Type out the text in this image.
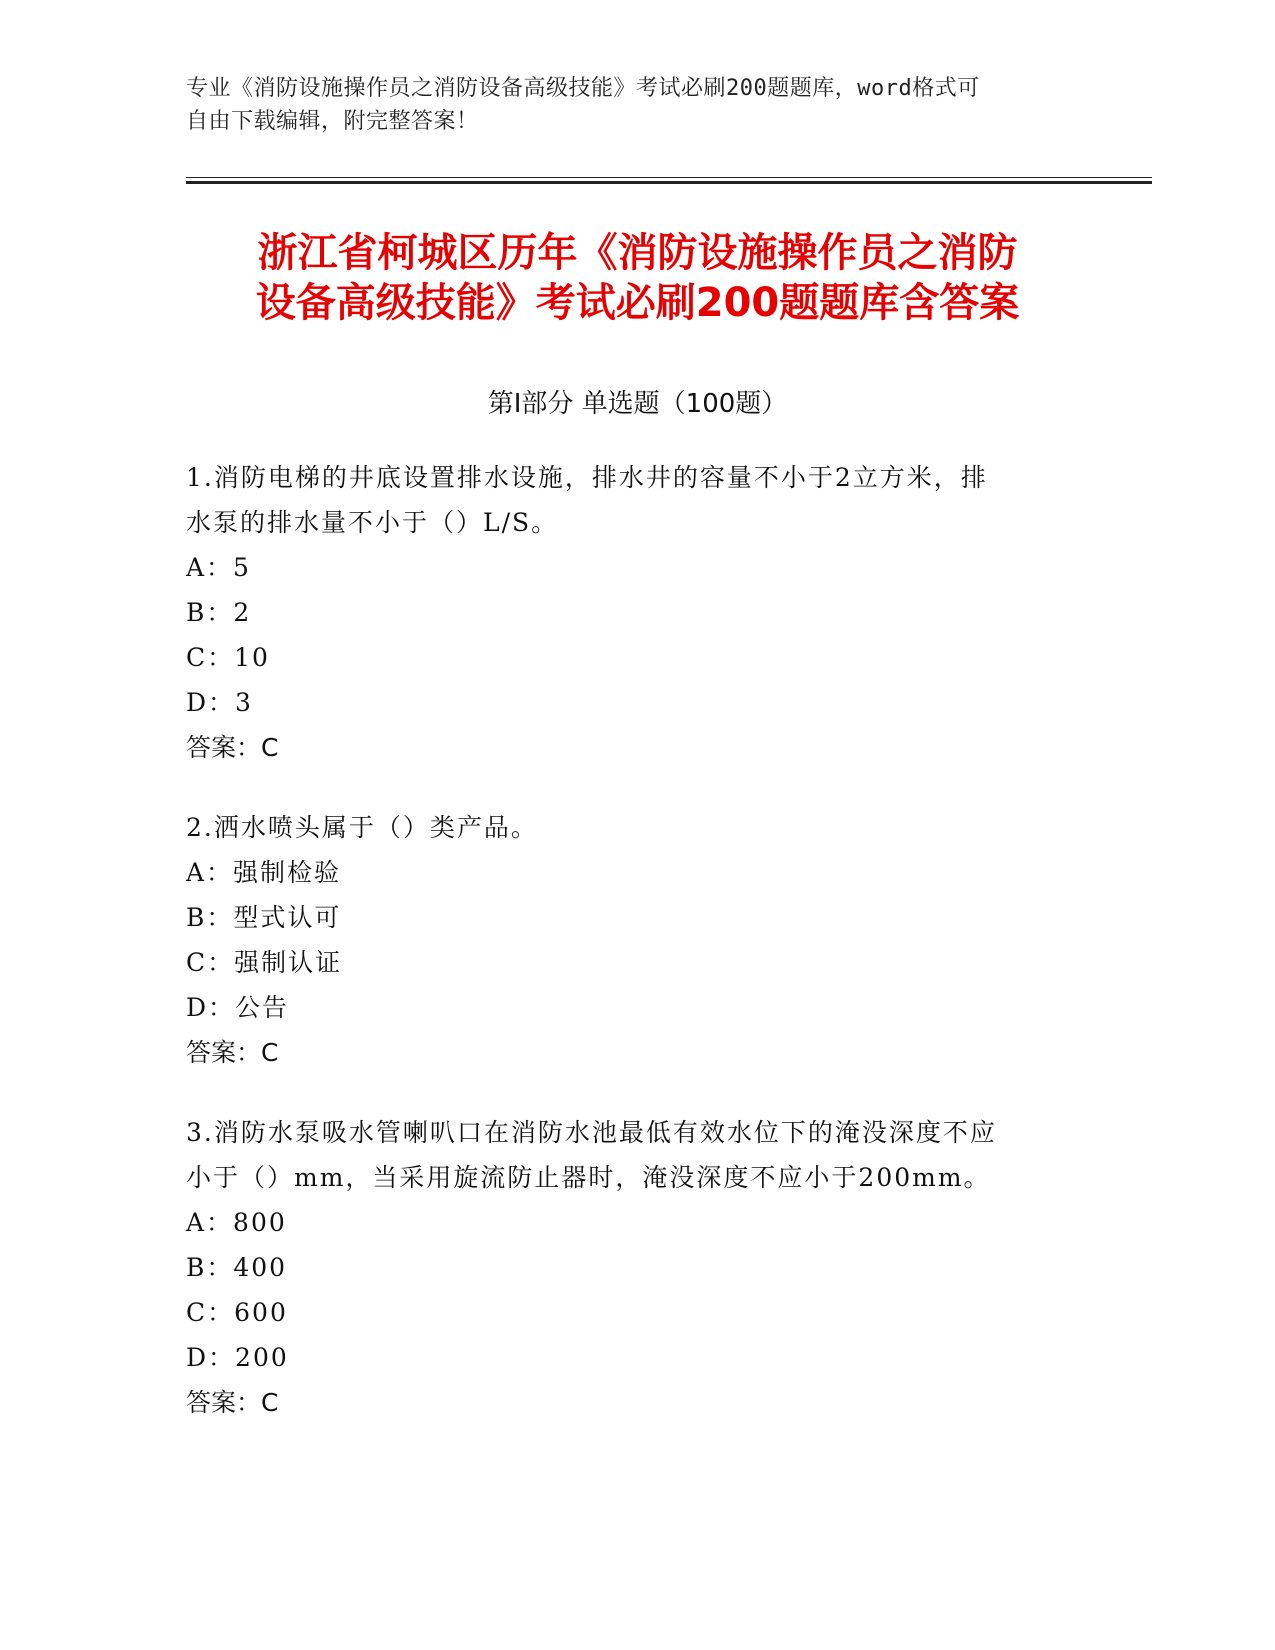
专业《消防设施操作员之消防设备高级技能》考试必刷200题题库，word格式可
自由下载编辑，附完整答案！
浙江省柯城区历年《消防设施操作员之消防
设备高级技能》考试必刷200题题库含答案
第Ⅰ部分 单选题（100题）
1.消防电梯的井底设置排水设施，排水井的容量不小于2立方米，排
水泵的排水量不小于（）L/S。
A：5
B：2
C：10
D：3
答案：C
2.洒水喷头属于（）类产品。
A：强制检验
B：型式认可
C：强制认证
D：公告
答案：C
3.消防水泵吸水管喇叭口在消防水池最低有效水位下的淹没深度不应
小于（）mm，当采用旋流防止器时，淹没深度不应小于200mm。
A：800
B：400
C：600
D：200
答案：C
